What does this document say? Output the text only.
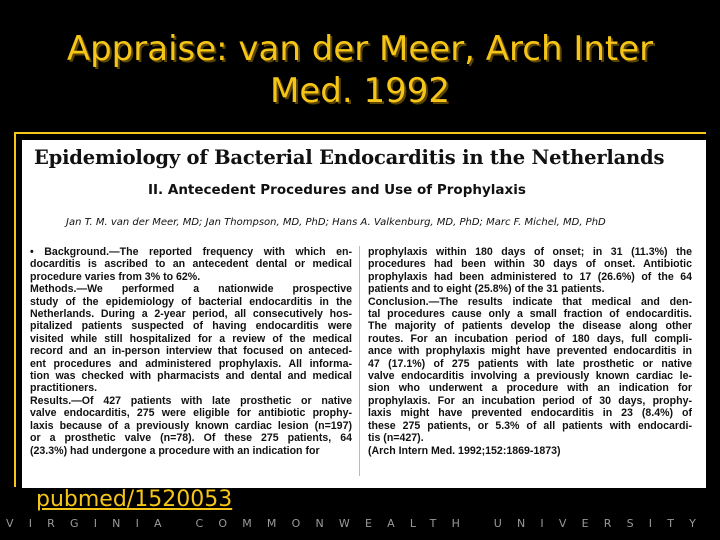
Appraise: van der Meer, Arch Inter
Med. 1992
Epidemiology of Bacterial Endocarditis in the Netherlands
II. Antecedent Procedures and Use of Prophylaxis
Jan T. M. van der Meer, MD; Jan Thompson, MD, PhD; Hans A. Valkenburg, MD, PhD; Marc F. Michel, MD, PhD
• Background.—The reported frequency with which en-
docarditis is ascribed to an antecedent dental or medical
procedure varies from 3% to 62%.
Methods.—We performed a nationwide prospective
study of the epidemiology of bacterial endocarditis in the
Netherlands. During a 2-year period, all consecutively hos-
pitalized patients suspected of having endocarditis were
visited while still hospitalized for a review of the medical
record and an in-person interview that focused on anteced-
ent procedures and administered prophylaxis. All informa-
tion was checked with pharmacists and dental and medical
practitioners.
Results.—Of 427 patients with late prosthetic or native
valve endocarditis, 275 were eligible for antibiotic prophy-
laxis because of a previously known cardiac lesion (n=197)
or a prosthetic valve (n=78). Of these 275 patients, 64
(23.3%) had undergone a procedure with an indication for
prophylaxis within 180 days of onset; in 31 (11.3%) the
procedures had been within 30 days of onset. Antibiotic
prophylaxis had been administered to 17 (26.6%) of the 64
patients and to eight (25.8%) of the 31 patients.
Conclusion.—The results indicate that medical and den-
tal procedures cause only a small fraction of endocarditis.
The majority of patients develop the disease along other
routes. For an incubation period of 180 days, full compli-
ance with prophylaxis might have prevented endocarditis in
47 (17.1%) of 275 patients with late prosthetic or native
valve endocarditis involving a previously known cardiac le-
sion who underwent a procedure with an indication for
prophylaxis. For an incubation period of 30 days, prophy-
laxis might have prevented endocarditis in 23 (8.4%) of
these 275 patients, or 5.3% of all patients with endocardi-
tis (n=427).
(Arch Intern Med. 1992;152:1869-1873)
pubmed/1520053
VIRGINIA COMMONWEALTH UNIVERSITY
